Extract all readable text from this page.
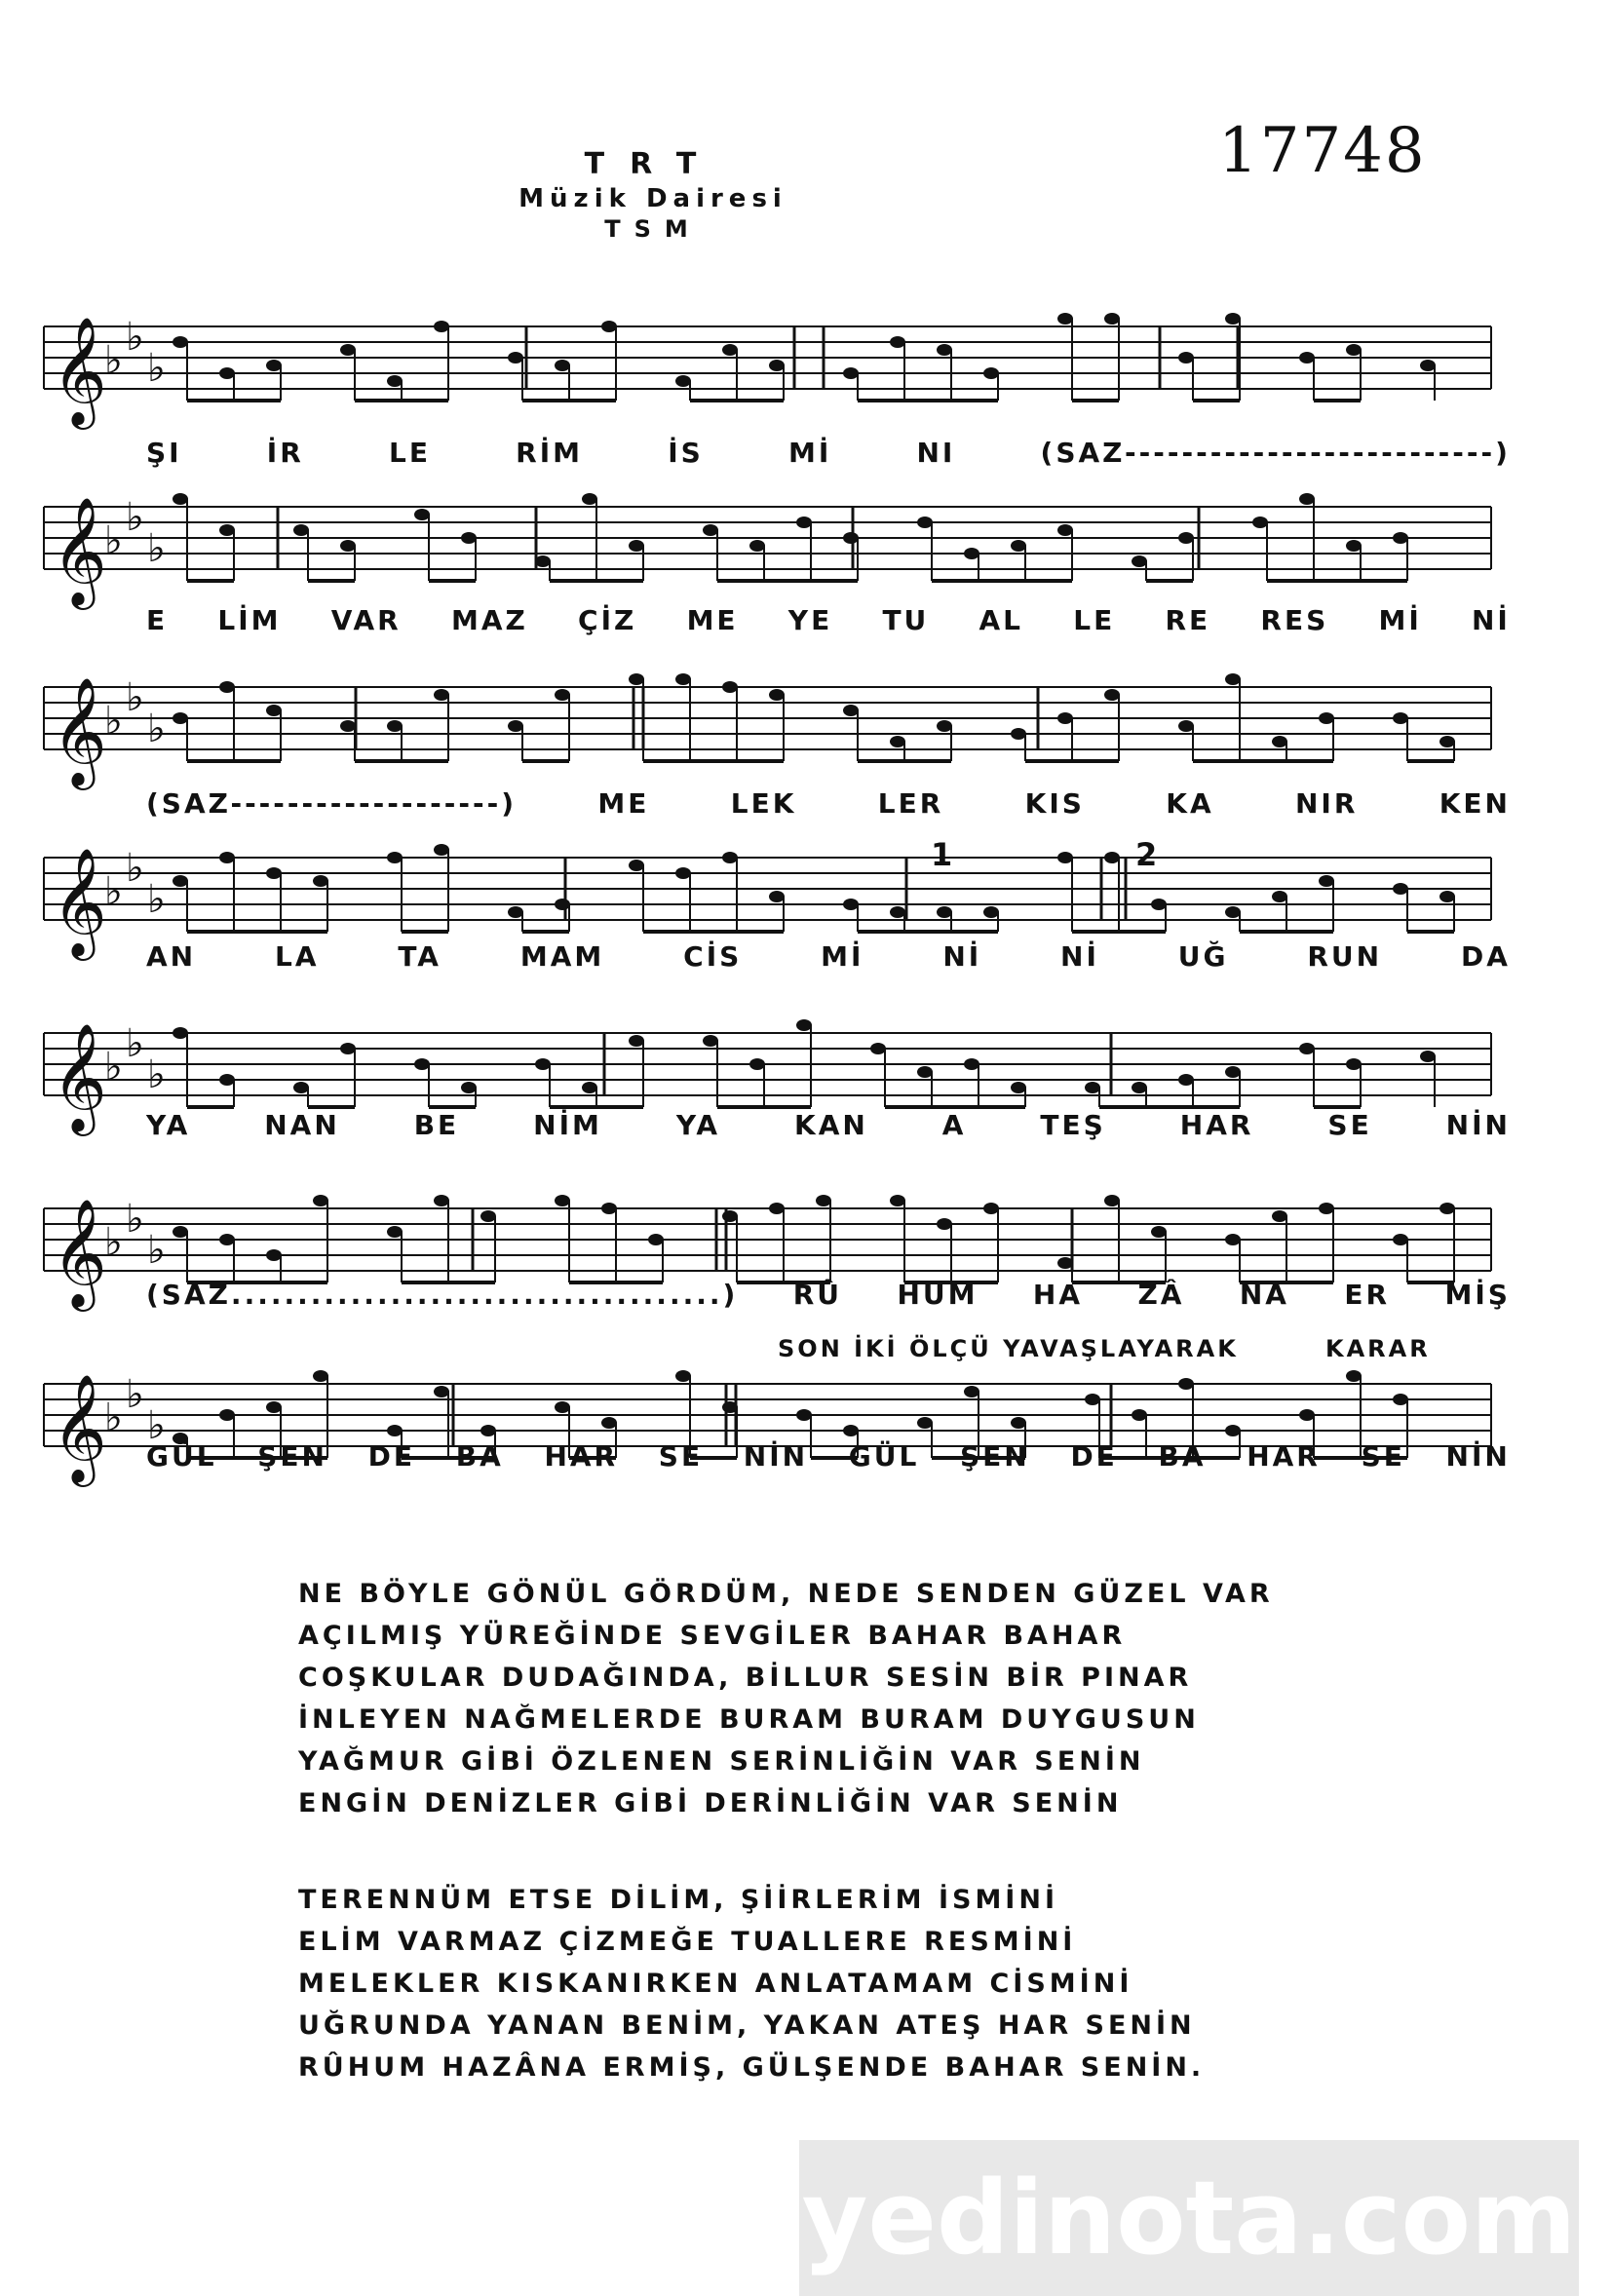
TRT
Müzik Dairesi
TSM
17748
𝄞
♭
♭
♭
𝄞
♭
♭
♭
𝄞
♭
♭
♭
𝄞
♭
♭
♭
𝄞
♭
♭
♭
𝄞
♭
♭
♭
𝄞
♭
♭
♭
ŞI	İR	LE	RİM	İS	Mİ	NI	(SAZ--------------------------)
E LİM VAR MAZ ÇİZ ME YE TU AL LE RE RES Mİ Nİ
(SAZ-------------------)	ME	LEK	LER	KIS	KA	NIR	KEN
AN	LA	TA	MAM	CİS	Mİ	Nİ	Nİ	UĞ	RUN	DA
1	2
YA	NAN	BE	NİM	YA	KAN	A	TEŞ	HAR	SE	NİN
(SAZ.....................................) RÛ HUM HA ZÂ NA ER MİŞ
GÜL ŞEN DE BA HAR SE NİN GÜL ŞEN DE BA HAR SE NİN
SON İKİ ÖLÇÜ YAVAŞLAYARAK	KARAR
NE BÖYLE GÖNÜL GÖRDÜM, NEDE SENDEN GÜZEL VAR
AÇILMIŞ YÜREĞİNDE SEVGİLER BAHAR BAHAR
COŞKULAR DUDAĞINDA, BİLLUR SESİN BİR PINAR
İNLEYEN NAĞMELERDE BURAM BURAM DUYGUSUN
YAĞMUR GİBİ ÖZLENEN SERİNLİĞİN VAR SENİN
ENGİN DENİZLER GİBİ DERİNLİĞİN VAR SENİN
TERENNÜM ETSE DİLİM, ŞİİRLERİM İSMİNİ
ELİM VARMAZ ÇİZMEĞE TUALLERE RESMİNİ
MELEKLER KISKANIRKEN ANLATAMAM CİSMİNİ
UĞRUNDA YANAN BENİM, YAKAN ATEŞ HAR SENİN
RÛHUM HAZÂNA ERMİŞ, GÜLŞENDE BAHAR SENİN.
yedinota.com
